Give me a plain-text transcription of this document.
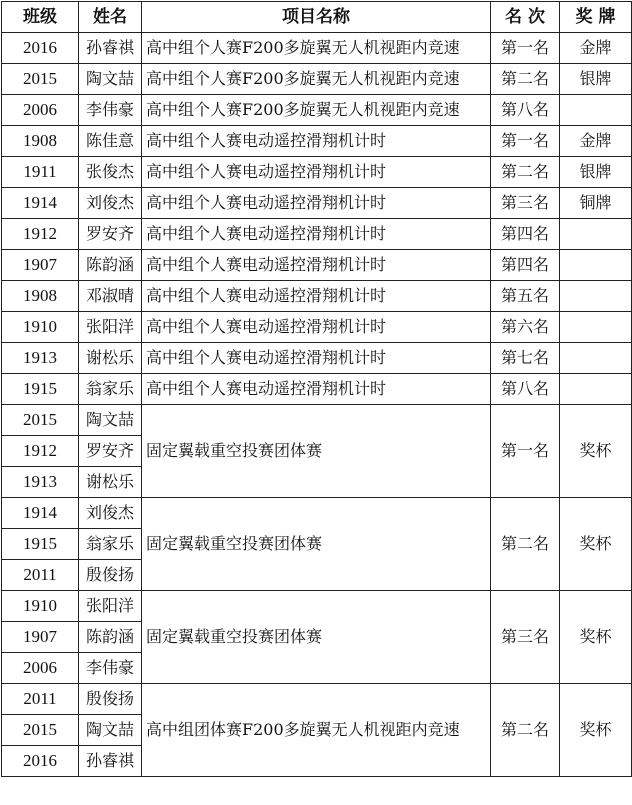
班级	姓名	项目名称	名 次	奖 牌
2016	孙睿祺	高中组个人赛F200多旋翼无人机视距内竞速	第一名	金牌
2015	陶文喆	高中组个人赛F200多旋翼无人机视距内竞速	第二名	银牌
2006	李伟豪	高中组个人赛F200多旋翼无人机视距内竞速	第八名	
1908	陈佳意	高中组个人赛电动遥控滑翔机计时	第一名	金牌
1911	张俊杰	高中组个人赛电动遥控滑翔机计时	第二名	银牌
1914	刘俊杰	高中组个人赛电动遥控滑翔机计时	第三名	铜牌
1912	罗安齐	高中组个人赛电动遥控滑翔机计时	第四名	
1907	陈韵涵	高中组个人赛电动遥控滑翔机计时	第四名	
1908	邓淑晴	高中组个人赛电动遥控滑翔机计时	第五名	
1910	张阳洋	高中组个人赛电动遥控滑翔机计时	第六名	
1913	谢松乐	高中组个人赛电动遥控滑翔机计时	第七名	
1915	翁家乐	高中组个人赛电动遥控滑翔机计时	第八名	
2015	陶文喆	固定翼载重空投赛团体赛	第一名	奖杯
1912	罗安齐			
1913	谢松乐			
1914	刘俊杰	固定翼载重空投赛团体赛	第二名	奖杯
1915	翁家乐			
2011	殷俊扬			
1910	张阳洋	固定翼载重空投赛团体赛	第三名	奖杯
1907	陈韵涵			
2006	李伟豪			
2011	殷俊扬	高中组团体赛F200多旋翼无人机视距内竞速	第二名	奖杯
2015	陶文喆			
2016	孙睿祺			
